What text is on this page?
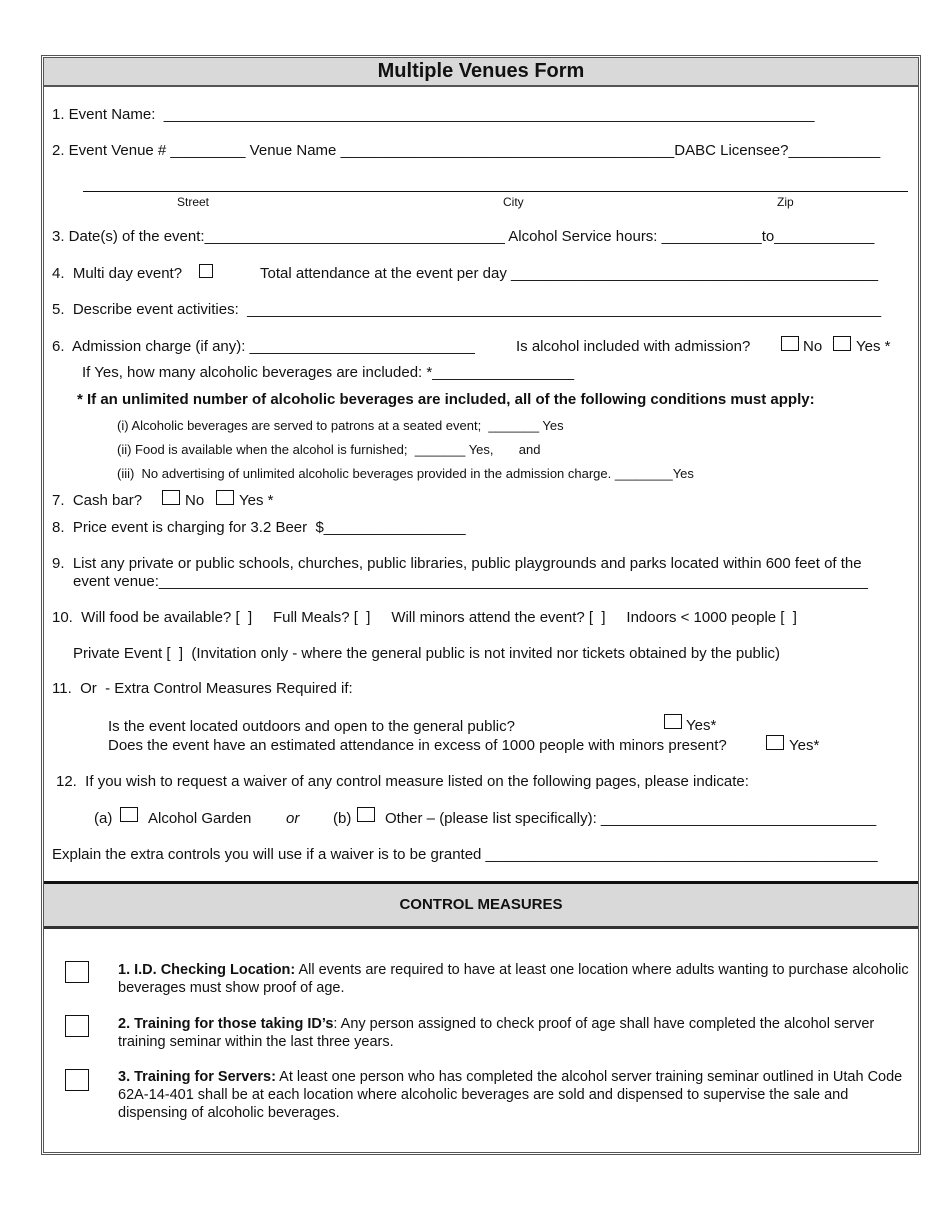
Multiple Venues Form
1. Event Name:  ______________________________________________________________________________
2. Event Venue # _________ Venue Name ________________________________________DABC Licensee?___________
Street	City	Zip
3. Date(s) of the event:____________________________________ Alcohol Service hours: ____________to____________
4.  Multi day event?	Total attendance at the event per day ____________________________________________
5.  Describe event activities:  ____________________________________________________________________________
6.  Admission charge (if any): ___________________________	Is alcohol included with admission?	No Yes *
If Yes, how many alcoholic beverages are included: *_________________
* If an unlimited number of alcoholic beverages are included, all of the following conditions must apply:
(i) Alcoholic beverages are served to patrons at a seated event;  _______ Yes
(ii) Food is available when the alcohol is furnished;  _______ Yes,       and
(iii)  No advertising of unlimited alcoholic beverages provided in the admission charge. ________Yes
7.  Cash bar?	No Yes *
8.  Price event is charging for 3.2 Beer  $_________________
9.  List any private or public schools, churches, public libraries, public playgrounds and parks located within 600 feet of the
event venue:_____________________________________________________________________________________
10.  Will food be available? [  ]     Full Meals? [  ]     Will minors attend the event? [  ]     Indoors < 1000 people [  ]
Private Event [  ]  (Invitation only - where the general public is not invited nor tickets obtained by the public)
11.  Or  - Extra Control Measures Required if:
Is the event located outdoors and open to the general public?	Yes*
Does the event have an estimated attendance in excess of 1000 people with minors present?	Yes*
12.  If you wish to request a waiver of any control measure listed on the following pages, please indicate:
(a) Alcohol Garden or (b) Other – (please list specifically): _________________________________
Explain the extra controls you will use if a waiver is to be granted _______________________________________________
CONTROL MEASURES
1. I.D. Checking Location: All events are required to have at least one location where adults wanting to purchase alcoholic beverages must show proof of age.
2. Training for those taking ID’s: Any person assigned to check proof of age shall have completed the alcohol server training seminar within the last three years.
3. Training for Servers: At least one person who has completed the alcohol server training seminar outlined in Utah Code 62A-14-401 shall be at each location where alcoholic beverages are sold and dispensed to supervise the sale and dispensing of alcoholic beverages.
